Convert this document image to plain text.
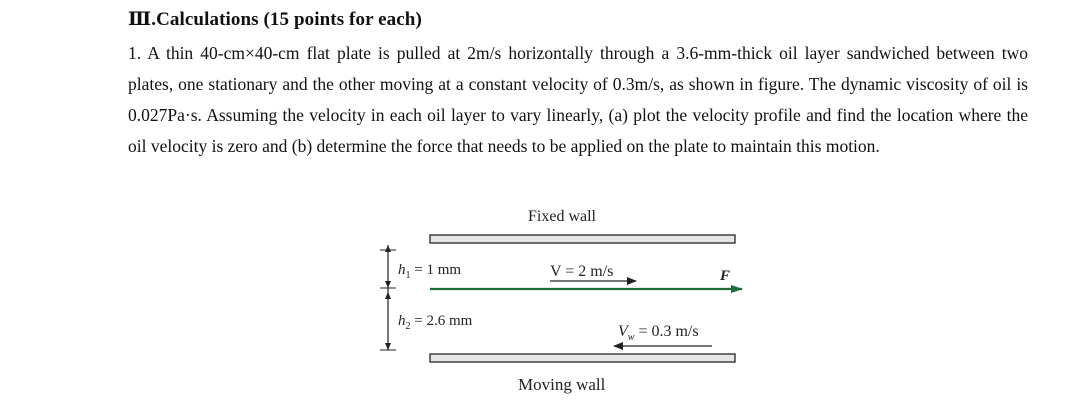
Ⅲ.Calculations (15 points for each)
1. A thin 40-cm×40-cm flat plate is pulled at 2m/s horizontally through a 3.6-mm-thick oil layer sandwiched between two plates, one stationary and the other moving at a constant velocity of 0.3m/s, as shown in figure. The dynamic viscosity of oil is 0.027Pa·s. Assuming the velocity in each oil layer to vary linearly, (a) plot the velocity profile and find the location where the oil velocity is zero and (b) determine the force that needs to be applied on the plate to maintain this motion.
Fixed wall
$h_1 = 1$ mm
$h_2 = 2.6$ mm
V = 2 m/s	F
$V_w = 0.3$ m/s
Moving wall
